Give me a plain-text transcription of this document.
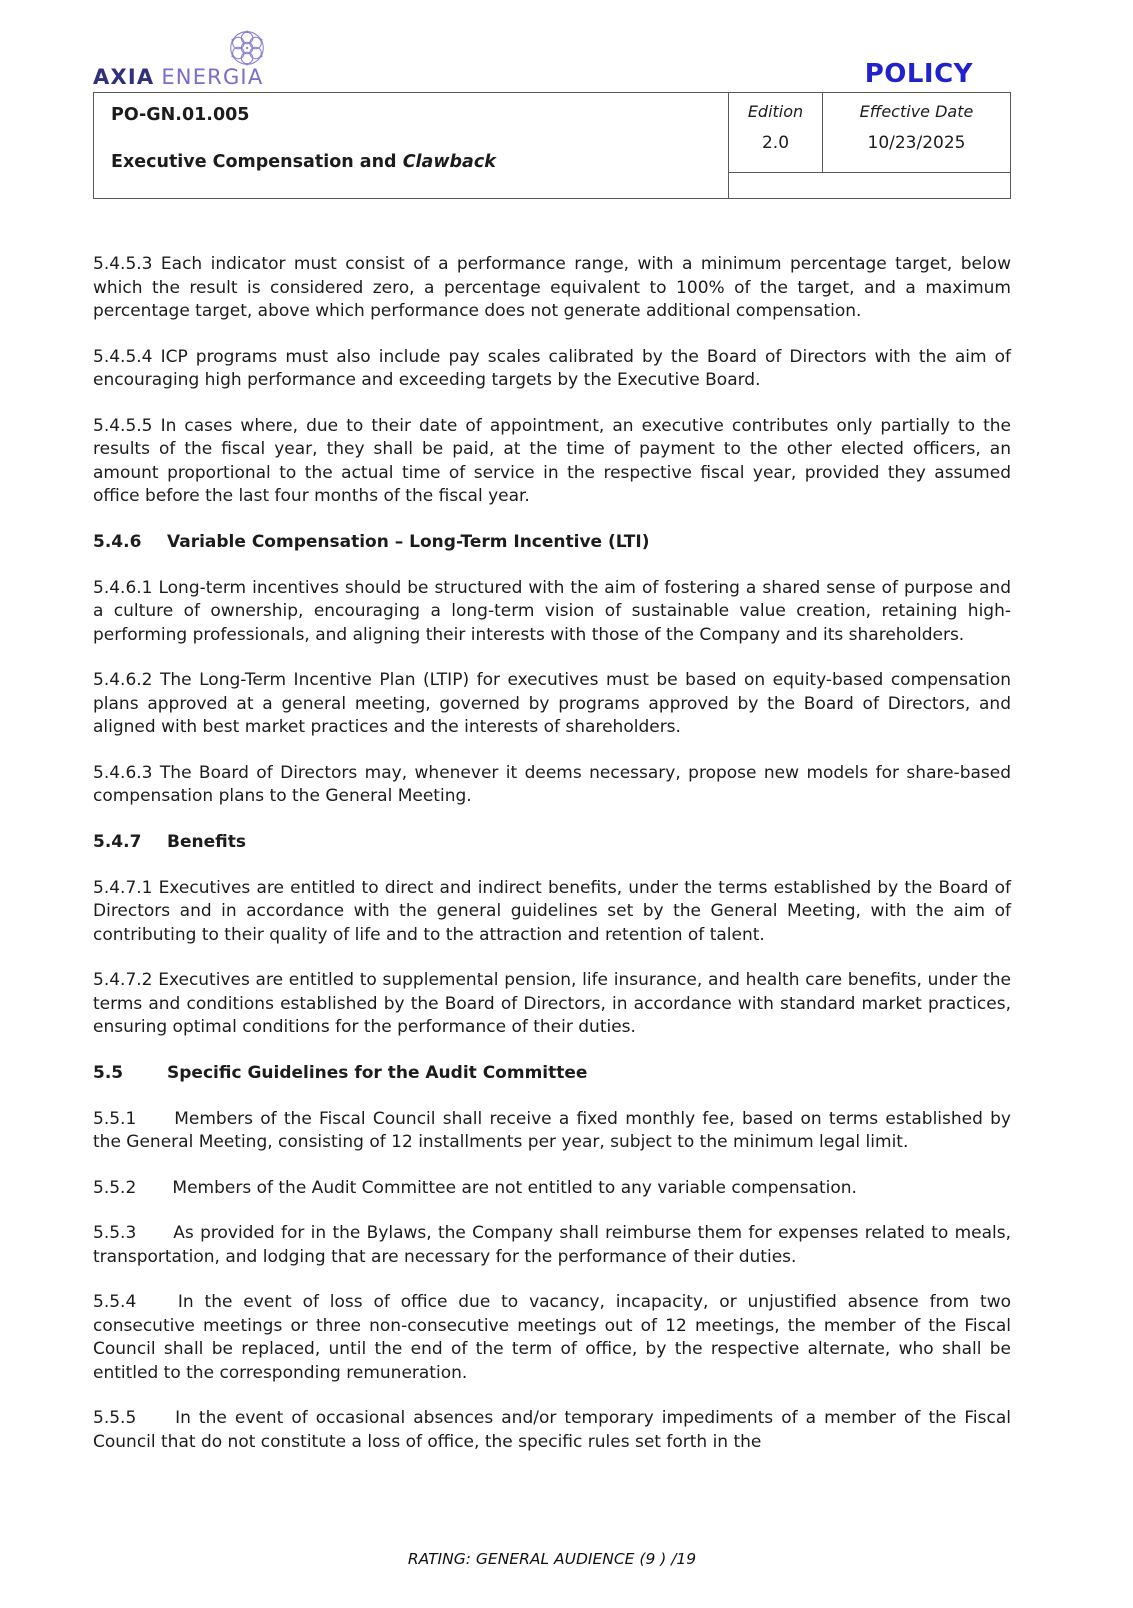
AXIA ENERGIA	POLICY
PO-GN.01.005
Executive Compensation and Clawback

Edition
2.0

Effective Date
10/23/2025

5.4.5.3 Each indicator must consist of a performance range, with a minimum percentage target, below which the result is considered zero, a percentage equivalent to 100% of the target, and a maximum percentage target, above which performance does not generate additional compensation.

5.4.5.4 ICP programs must also include pay scales calibrated by the Board of Directors with the aim of encouraging high performance and exceeding targets by the Executive Board.

5.4.5.5 In cases where, due to their date of appointment, an executive contributes only partially to the results of the fiscal year, they shall be paid, at the time of payment to the other elected officers, an amount proportional to the actual time of service in the respective fiscal year, provided they assumed office before the last four months of the fiscal year.

5.4.6 Variable Compensation – Long-Term Incentive (LTI)

5.4.6.1 Long-term incentives should be structured with the aim of fostering a shared sense of purpose and a culture of ownership, encouraging a long-term vision of sustainable value creation, retaining high-performing professionals, and aligning their interests with those of the Company and its shareholders.

5.4.6.2 The Long-Term Incentive Plan (LTIP) for executives must be based on equity-based compensation plans approved at a general meeting, governed by programs approved by the Board of Directors, and aligned with best market practices and the interests of shareholders.

5.4.6.3 The Board of Directors may, whenever it deems necessary, propose new models for share-based compensation plans to the General Meeting.

5.4.7 Benefits

5.4.7.1 Executives are entitled to direct and indirect benefits, under the terms established by the Board of Directors and in accordance with the general guidelines set by the General Meeting, with the aim of contributing to their quality of life and to the attraction and retention of talent.

5.4.7.2 Executives are entitled to supplemental pension, life insurance, and health care benefits, under the terms and conditions established by the Board of Directors, in accordance with standard market practices, ensuring optimal conditions for the performance of their duties.

5.5	Specific Guidelines for the Audit Committee

5.5.1 Members of the Fiscal Council shall receive a fixed monthly fee, based on terms established by the General Meeting, consisting of 12 installments per year, subject to the minimum legal limit.

5.5.2 Members of the Audit Committee are not entitled to any variable compensation.

5.5.3 As provided for in the Bylaws, the Company shall reimburse them for expenses related to meals, transportation, and lodging that are necessary for the performance of their duties.

5.5.4 In the event of loss of office due to vacancy, incapacity, or unjustified absence from two consecutive meetings or three non-consecutive meetings out of 12 meetings, the member of the Fiscal Council shall be replaced, until the end of the term of office, by the respective alternate, who shall be entitled to the corresponding remuneration.

5.5.5 In the event of occasional absences and/or temporary impediments of a member of the Fiscal Council that do not constitute a loss of office, the specific rules set forth in the

RATING: GENERAL AUDIENCE (9 ) /19
